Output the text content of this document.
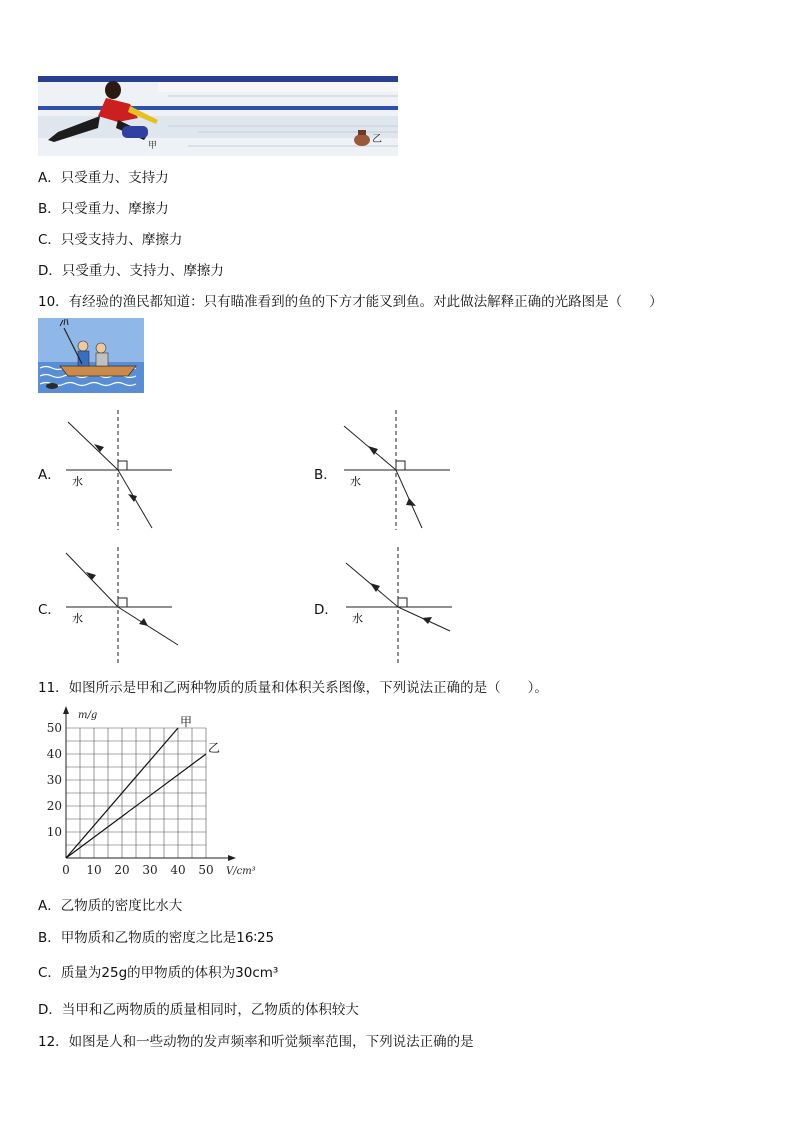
甲
乙
A．只受重力、支持力
B．只受重力、摩擦力
C．只受支持力、摩擦力
D．只受重力、支持力、摩擦力
10．有经验的渔民都知道：只有瞄准看到的鱼的下方才能叉到鱼。对此做法解释正确的光路图是（　　）
A． 水	B． 水
C．
水
D．
水
11．如图所示是甲和乙两种物质的质量和体积关系图像，下列说法正确的是（　　）。
0 10 20 30 40 50
10
20
30
40
50
m/g
V/cm³
甲
乙
A．乙物质的密度比水大
B．甲物质和乙物质的密度之比是16∶25
C．质量为25g的甲物质的体积为30cm³
D．当甲和乙两物质的质量相同时，乙物质的体积较大
12．如图是人和一些动物的发声频率和听觉频率范围，下列说法正确的是
